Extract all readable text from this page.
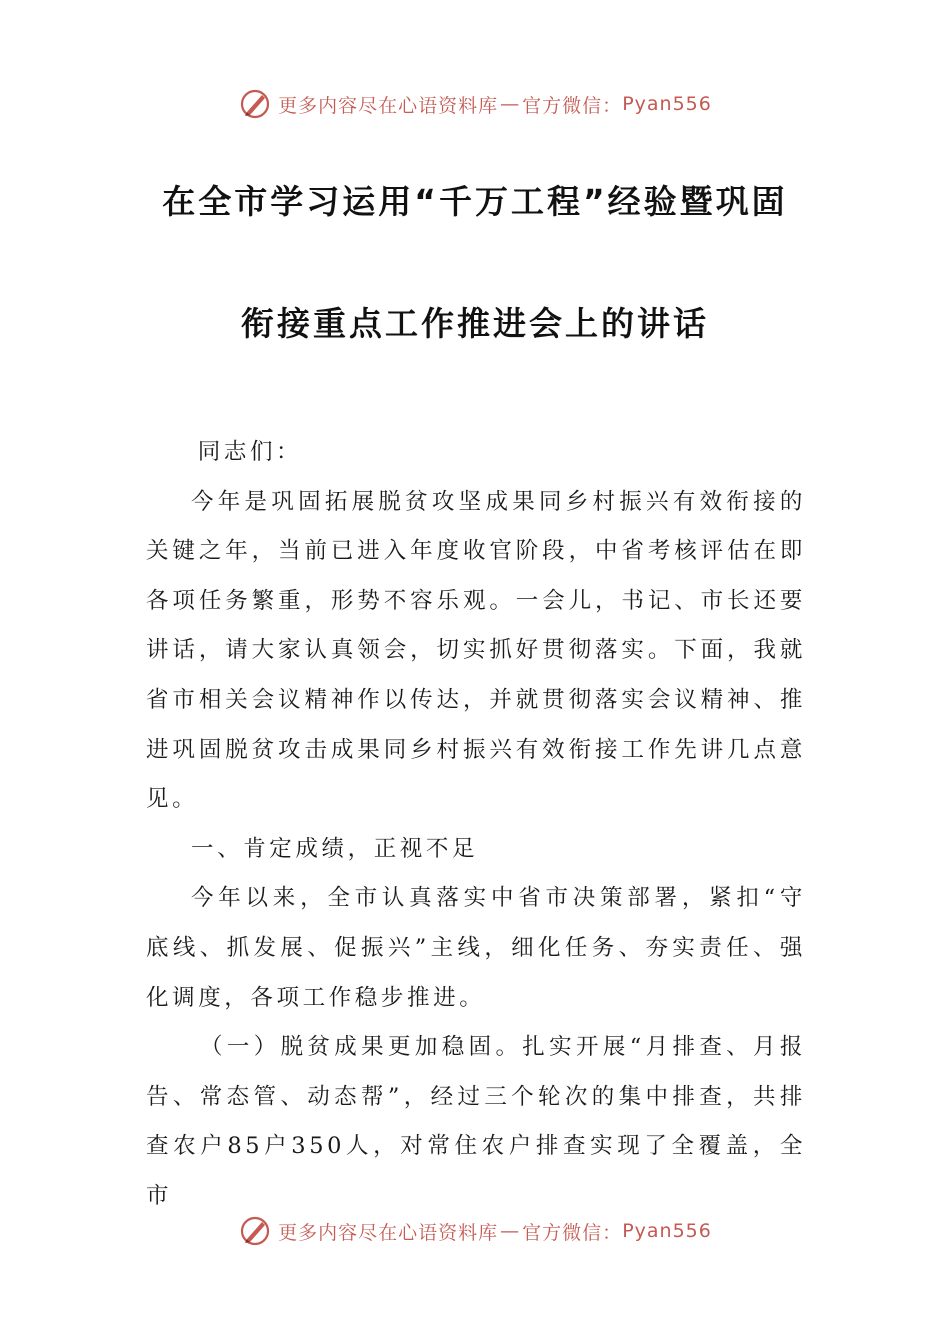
更多内容尽在心语资料库 — 官方微信： Pyan556
在全市学习运用“千万工程”经验暨巩固
衔接重点工作推进会上的讲话

同志们：

今年是巩固拓展脱贫攻坚成果同乡村振兴有效衔接的关键之年，当前已进入年度收官阶段，中省考核评估在即各项任务繁重，形势不容乐观。一会儿，书记、市长还要讲话，请大家认真领会，切实抓好贯彻落实。下面，我就省市相关会议精神作以传达，并就贯彻落实会议精神、推进巩固脱贫攻击成果同乡村振兴有效衔接工作先讲几点意见。

一、肯定成绩，正视不足

今年以来，全市认真落实中省市决策部署，紧扣“守底线、抓发展、促振兴”主线，细化任务、夯实责任、强化调度，各项工作稳步推进。

（一）脱贫成果更加稳固。扎实开展“月排查、月报告、常态管、动态帮”，经过三个轮次的集中排查，共排查农户85户350人，对常住农户排查实现了全覆盖，全市

更多内容尽在心语资料库 — 官方微信： Pyan556
